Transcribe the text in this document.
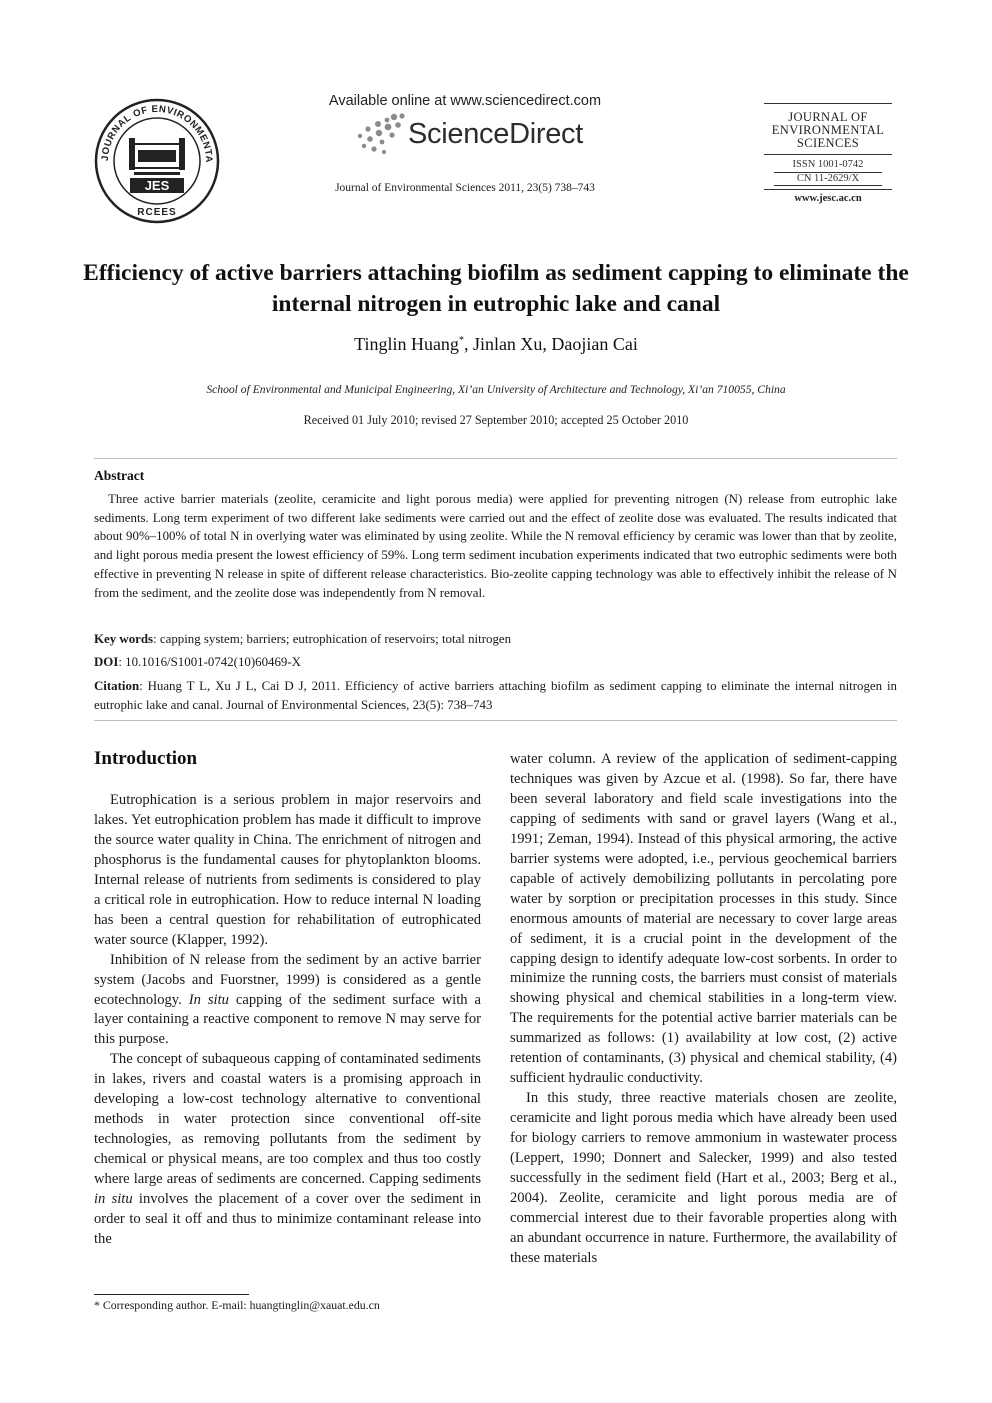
JOURNAL OF ENVIRONMENTA
JES
RCEES
Available online at www.sciencedirect.com
ScienceDirect
Journal of Environmental Sciences 2011, 23(5) 738–743
JOURNAL OF
ENVIRONMENTAL
SCIENCES
ISSN 1001-0742
CN 11-2629/X
www.jesc.ac.cn
Efficiency of active barriers attaching biofilm as sediment capping to eliminate the internal nitrogen in eutrophic lake and canal
Tinglin Huang*, Jinlan Xu, Daojian Cai
School of Environmental and Municipal Engineering, Xi’an University of Architecture and Technology, Xi’an 710055, China
Received 01 July 2010; revised 27 September 2010; accepted 25 October 2010
Abstract
Three active barrier materials (zeolite, ceramicite and light porous media) were applied for preventing nitrogen (N) release from eutrophic lake sediments. Long term experiment of two different lake sediments were carried out and the effect of zeolite dose was evaluated. The results indicated that about 90%–100% of total N in overlying water was eliminated by using zeolite. While the N removal efficiency by ceramic was lower than that by zeolite, and light porous media present the lowest efficiency of 59%. Long term sediment incubation experiments indicated that two eutrophic sediments were both effective in preventing N release in spite of different release characteristics. Bio-zeolite capping technology was able to effectively inhibit the release of N from the sediment, and the zeolite dose was independently from N removal.
Key words: capping system; barriers; eutrophication of reservoirs; total nitrogen
DOI: 10.1016/S1001-0742(10)60469-X
Citation: Huang T L, Xu J L, Cai D J, 2011. Efficiency of active barriers attaching biofilm as sediment capping to eliminate the internal nitrogen in eutrophic lake and canal. Journal of Environmental Sciences, 23(5): 738–743
Introduction

Eutrophication is a serious problem in major reservoirs and lakes. Yet eutrophication problem has made it difficult to improve the source water quality in China. The enrichment of nitrogen and phosphorus is the fundamental causes for phytoplankton blooms. Internal release of nutrients from sediments is considered to play a critical role in eutrophication. How to reduce internal N loading has been a central question for rehabilitation of eutrophicated water source (Klapper, 1992).

Inhibition of N release from the sediment by an active barrier system (Jacobs and Fuorstner, 1999) is considered as a gentle ecotechnology. In situ capping of the sediment surface with a layer containing a reactive component to remove N may serve for this purpose.

The concept of subaqueous capping of contaminated sediments in lakes, rivers and coastal waters is a promising approach in developing a low-cost technology alternative to conventional methods in water protection since conventional off-site technologies, as removing pollutants from the sediment by chemical or physical means, are too complex and thus too costly where large areas of sediments are concerned. Capping sediments in situ involves the placement of a cover over the sediment in order to seal it off and thus to minimize contaminant release into the

water column. A review of the application of sediment-capping techniques was given by Azcue et al. (1998). So far, there have been several laboratory and field scale investigations into the capping of sediments with sand or gravel layers (Wang et al., 1991; Zeman, 1994). Instead of this physical armoring, the active barrier systems were adopted, i.e., pervious geochemical barriers capable of actively demobilizing pollutants in percolating pore water by sorption or precipitation processes in this study. Since enormous amounts of material are necessary to cover large areas of sediment, it is a crucial point in the development of the capping design to identify adequate low-cost sorbents. In order to minimize the running costs, the barriers must consist of materials showing physical and chemical stabilities in a long-term view. The requirements for the potential active barrier materials can be summarized as follows: (1) availability at low cost, (2) active retention of contaminants, (3) physical and chemical stability, (4) sufficient hydraulic conductivity.

In this study, three reactive materials chosen are zeolite, ceramicite and light porous media which have already been used for biology carriers to remove ammonium in wastewater process (Leppert, 1990; Donnert and Salecker, 1999) and also tested successfully in the sediment field (Hart et al., 2003; Berg et al., 2004). Zeolite, ceramicite and light porous media are of commercial interest due to their favorable properties along with an abundant occurrence in nature. Furthermore, the availability of these materials

* Corresponding author. E-mail: huangtinglin@xauat.edu.cn
